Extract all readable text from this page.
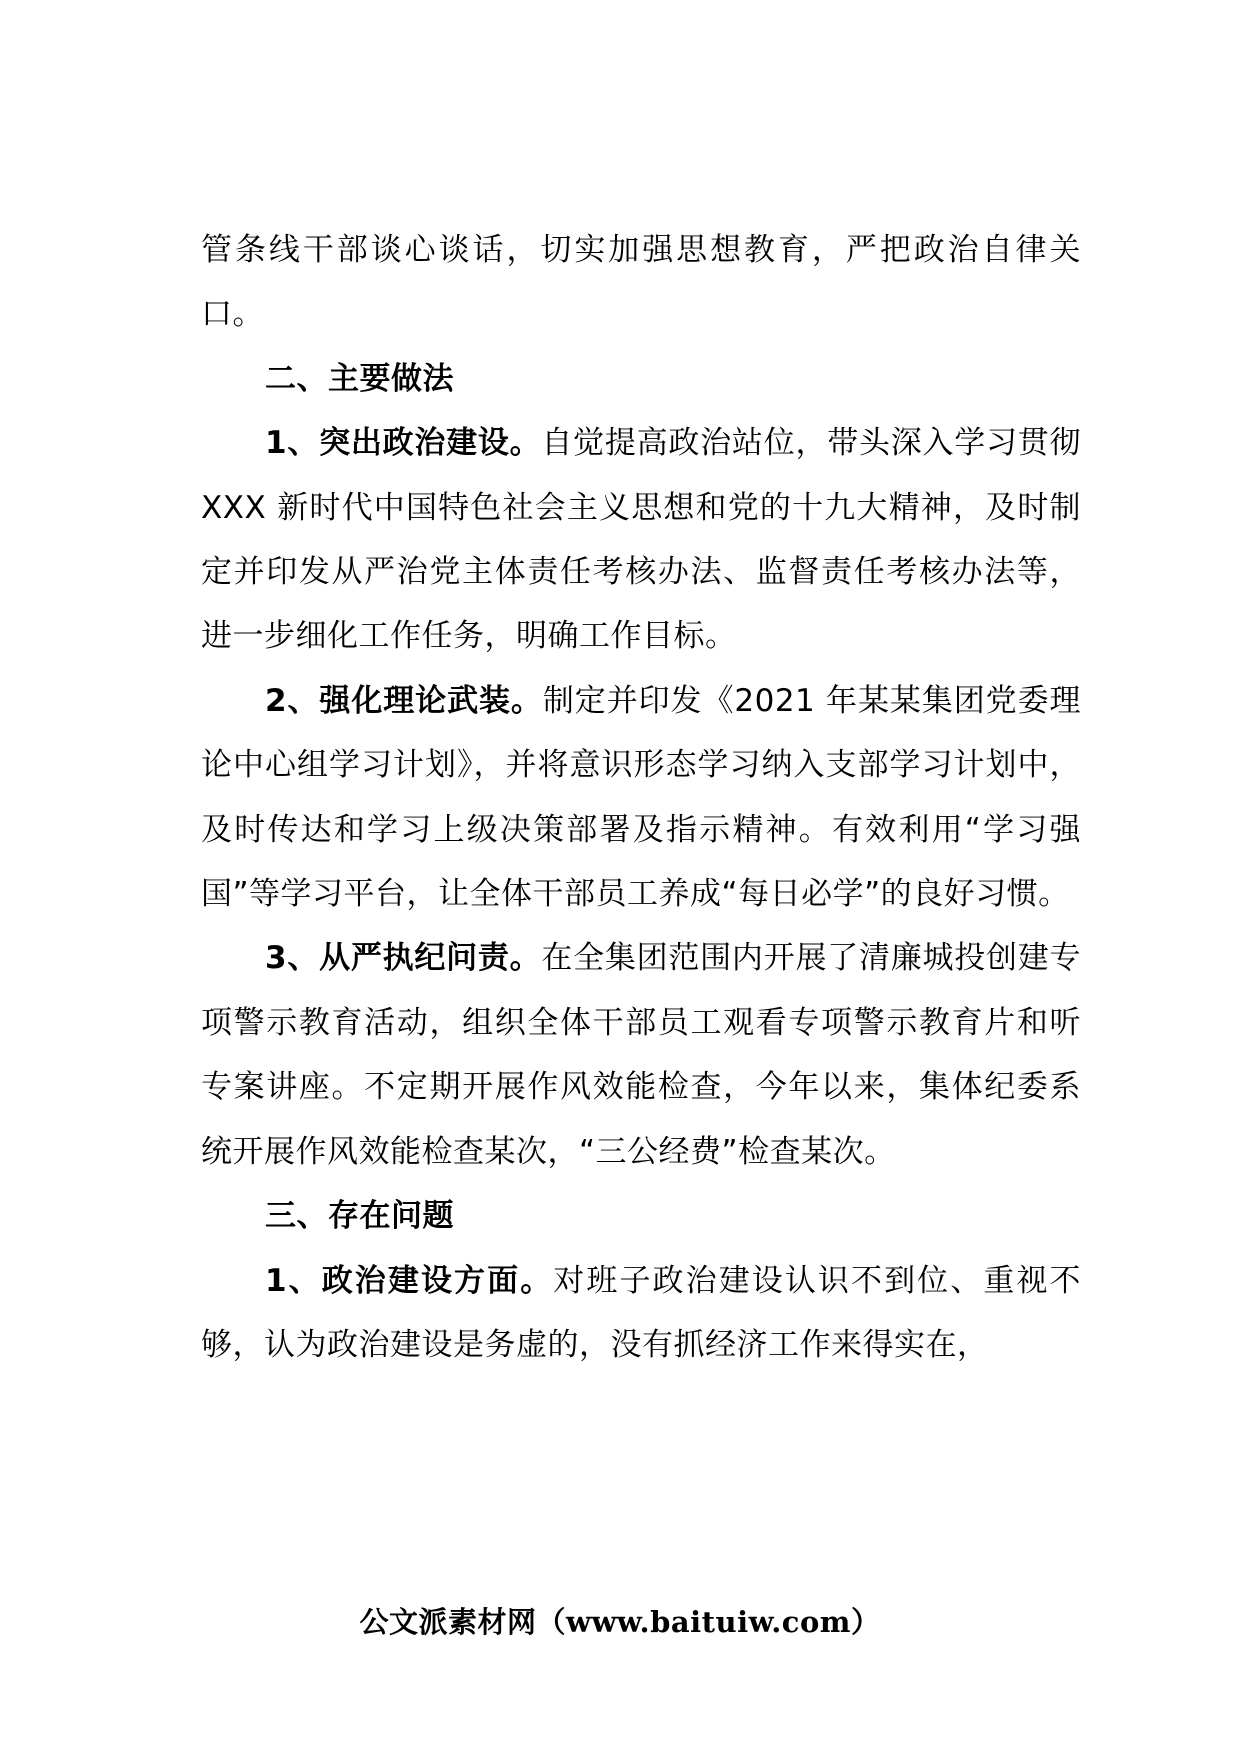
管条线干部谈心谈话，切实加强思想教育，严把政治自律关口。

二、主要做法

1、突出政治建设。自觉提高政治站位，带头深入学习贯彻 XXX 新时代中国特色社会主义思想和党的十九大精神，及时制定并印发从严治党主体责任考核办法、监督责任考核办法等，进一步细化工作任务，明确工作目标。

2、强化理论武装。制定并印发《2021 年某某集团党委理论中心组学习计划》，并将意识形态学习纳入支部学习计划中，及时传达和学习上级决策部署及指示精神。有效利用“学习强国”等学习平台，让全体干部员工养成“每日必学”的良好习惯。

3、从严执纪问责。在全集团范围内开展了清廉城投创建专项警示教育活动，组织全体干部员工观看专项警示教育片和听专案讲座。不定期开展作风效能检查，今年以来，集体纪委系统开展作风效能检查某次，“三公经费”检查某次。

三、存在问题

1、政治建设方面。对班子政治建设认识不到位、重视不够，认为政治建设是务虚的，没有抓经济工作来得实在，

公文派素材网（www.baituiw.com）
